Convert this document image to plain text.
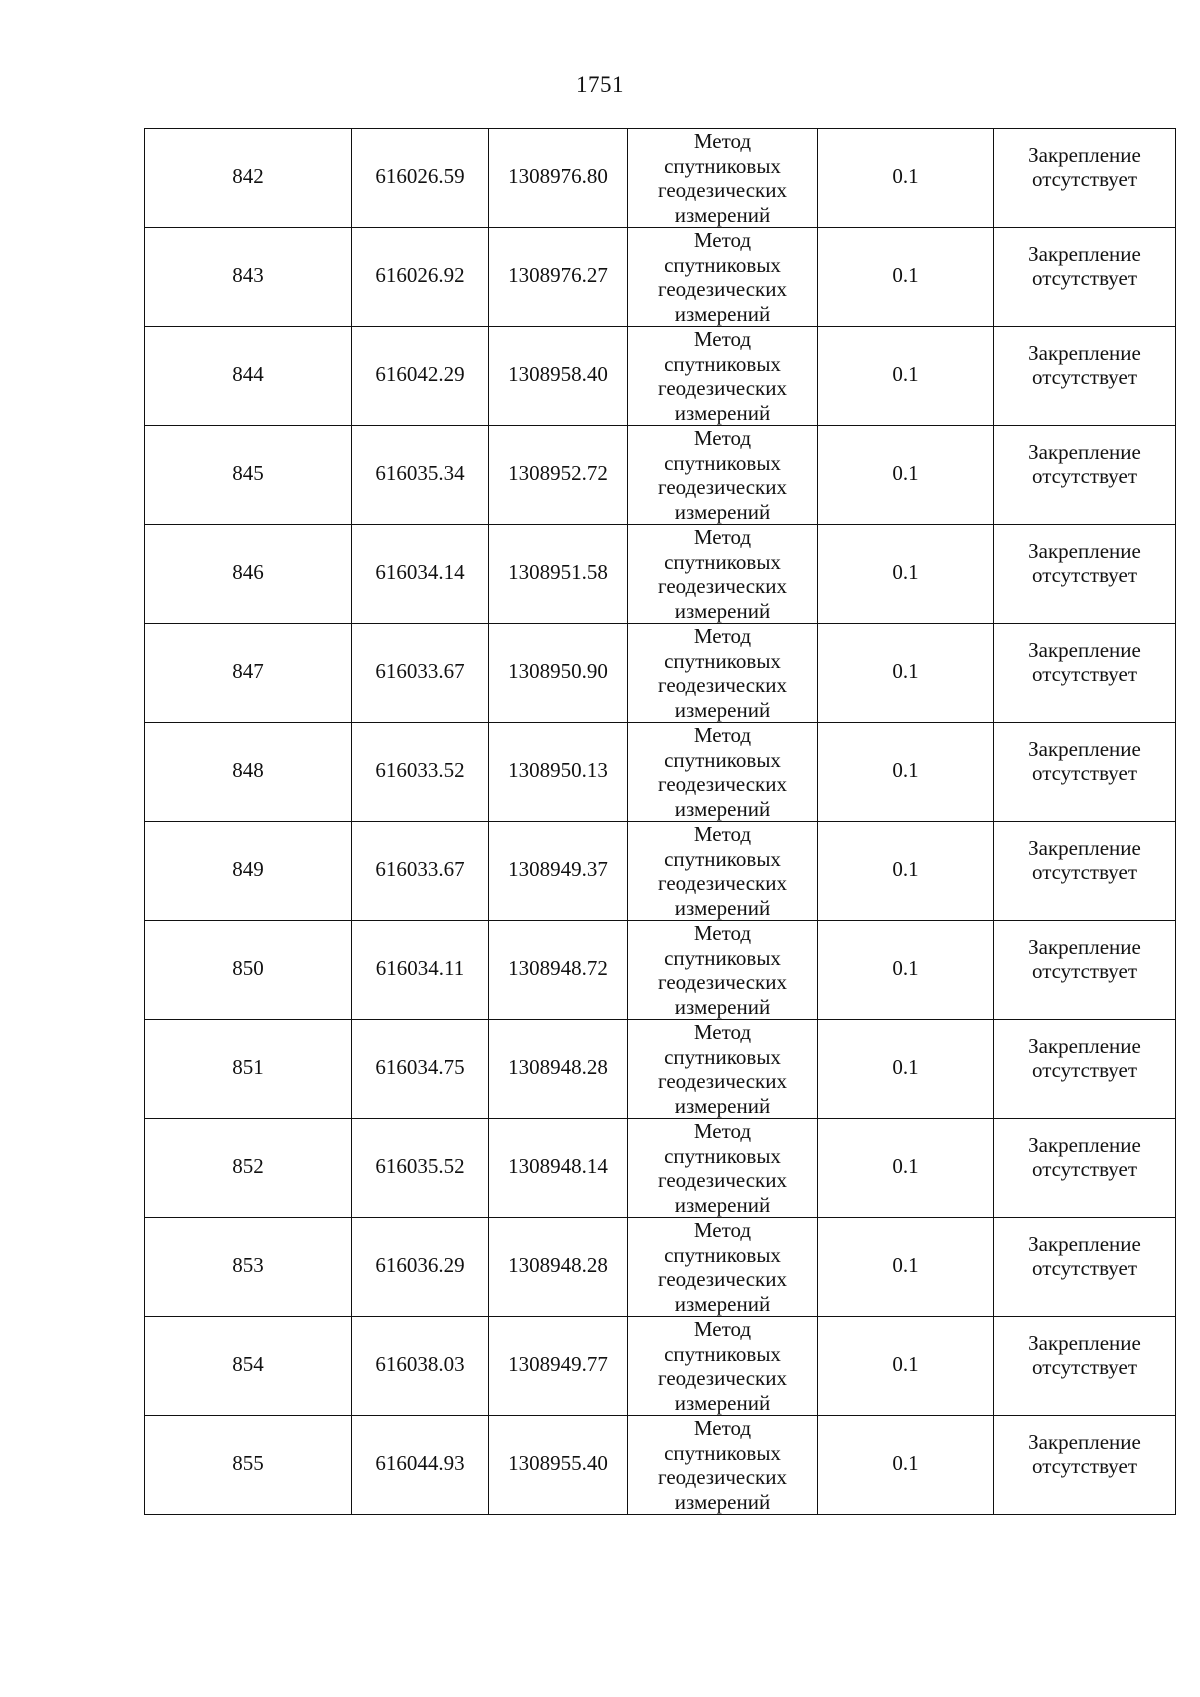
1751
842	616026.59	1308976.80	Метод
спутниковых
геодезических
измерений	0.1	Закрепление
отсутствует

843	616026.92	1308976.27	Метод
спутниковых
геодезических
измерений	0.1	Закрепление
отсутствует

844	616042.29	1308958.40	Метод
спутниковых
геодезических
измерений	0.1	Закрепление
отсутствует

845	616035.34	1308952.72	Метод
спутниковых
геодезических
измерений	0.1	Закрепление
отсутствует

846	616034.14	1308951.58	Метод
спутниковых
геодезических
измерений	0.1	Закрепление
отсутствует

847	616033.67	1308950.90	Метод
спутниковых
геодезических
измерений	0.1	Закрепление
отсутствует

848	616033.52	1308950.13	Метод
спутниковых
геодезических
измерений	0.1	Закрепление
отсутствует

849	616033.67	1308949.37	Метод
спутниковых
геодезических
измерений	0.1	Закрепление
отсутствует

850	616034.11	1308948.72	Метод
спутниковых
геодезических
измерений	0.1	Закрепление
отсутствует

851	616034.75	1308948.28	Метод
спутниковых
геодезических
измерений	0.1	Закрепление
отсутствует

852	616035.52	1308948.14	Метод
спутниковых
геодезических
измерений	0.1	Закрепление
отсутствует

853	616036.29	1308948.28	Метод
спутниковых
геодезических
измерений	0.1	Закрепление
отсутствует

854	616038.03	1308949.77	Метод
спутниковых
геодезических
измерений	0.1	Закрепление
отсутствует

855	616044.93	1308955.40	Метод
спутниковых
геодезических
измерений	0.1	Закрепление
отсутствует
